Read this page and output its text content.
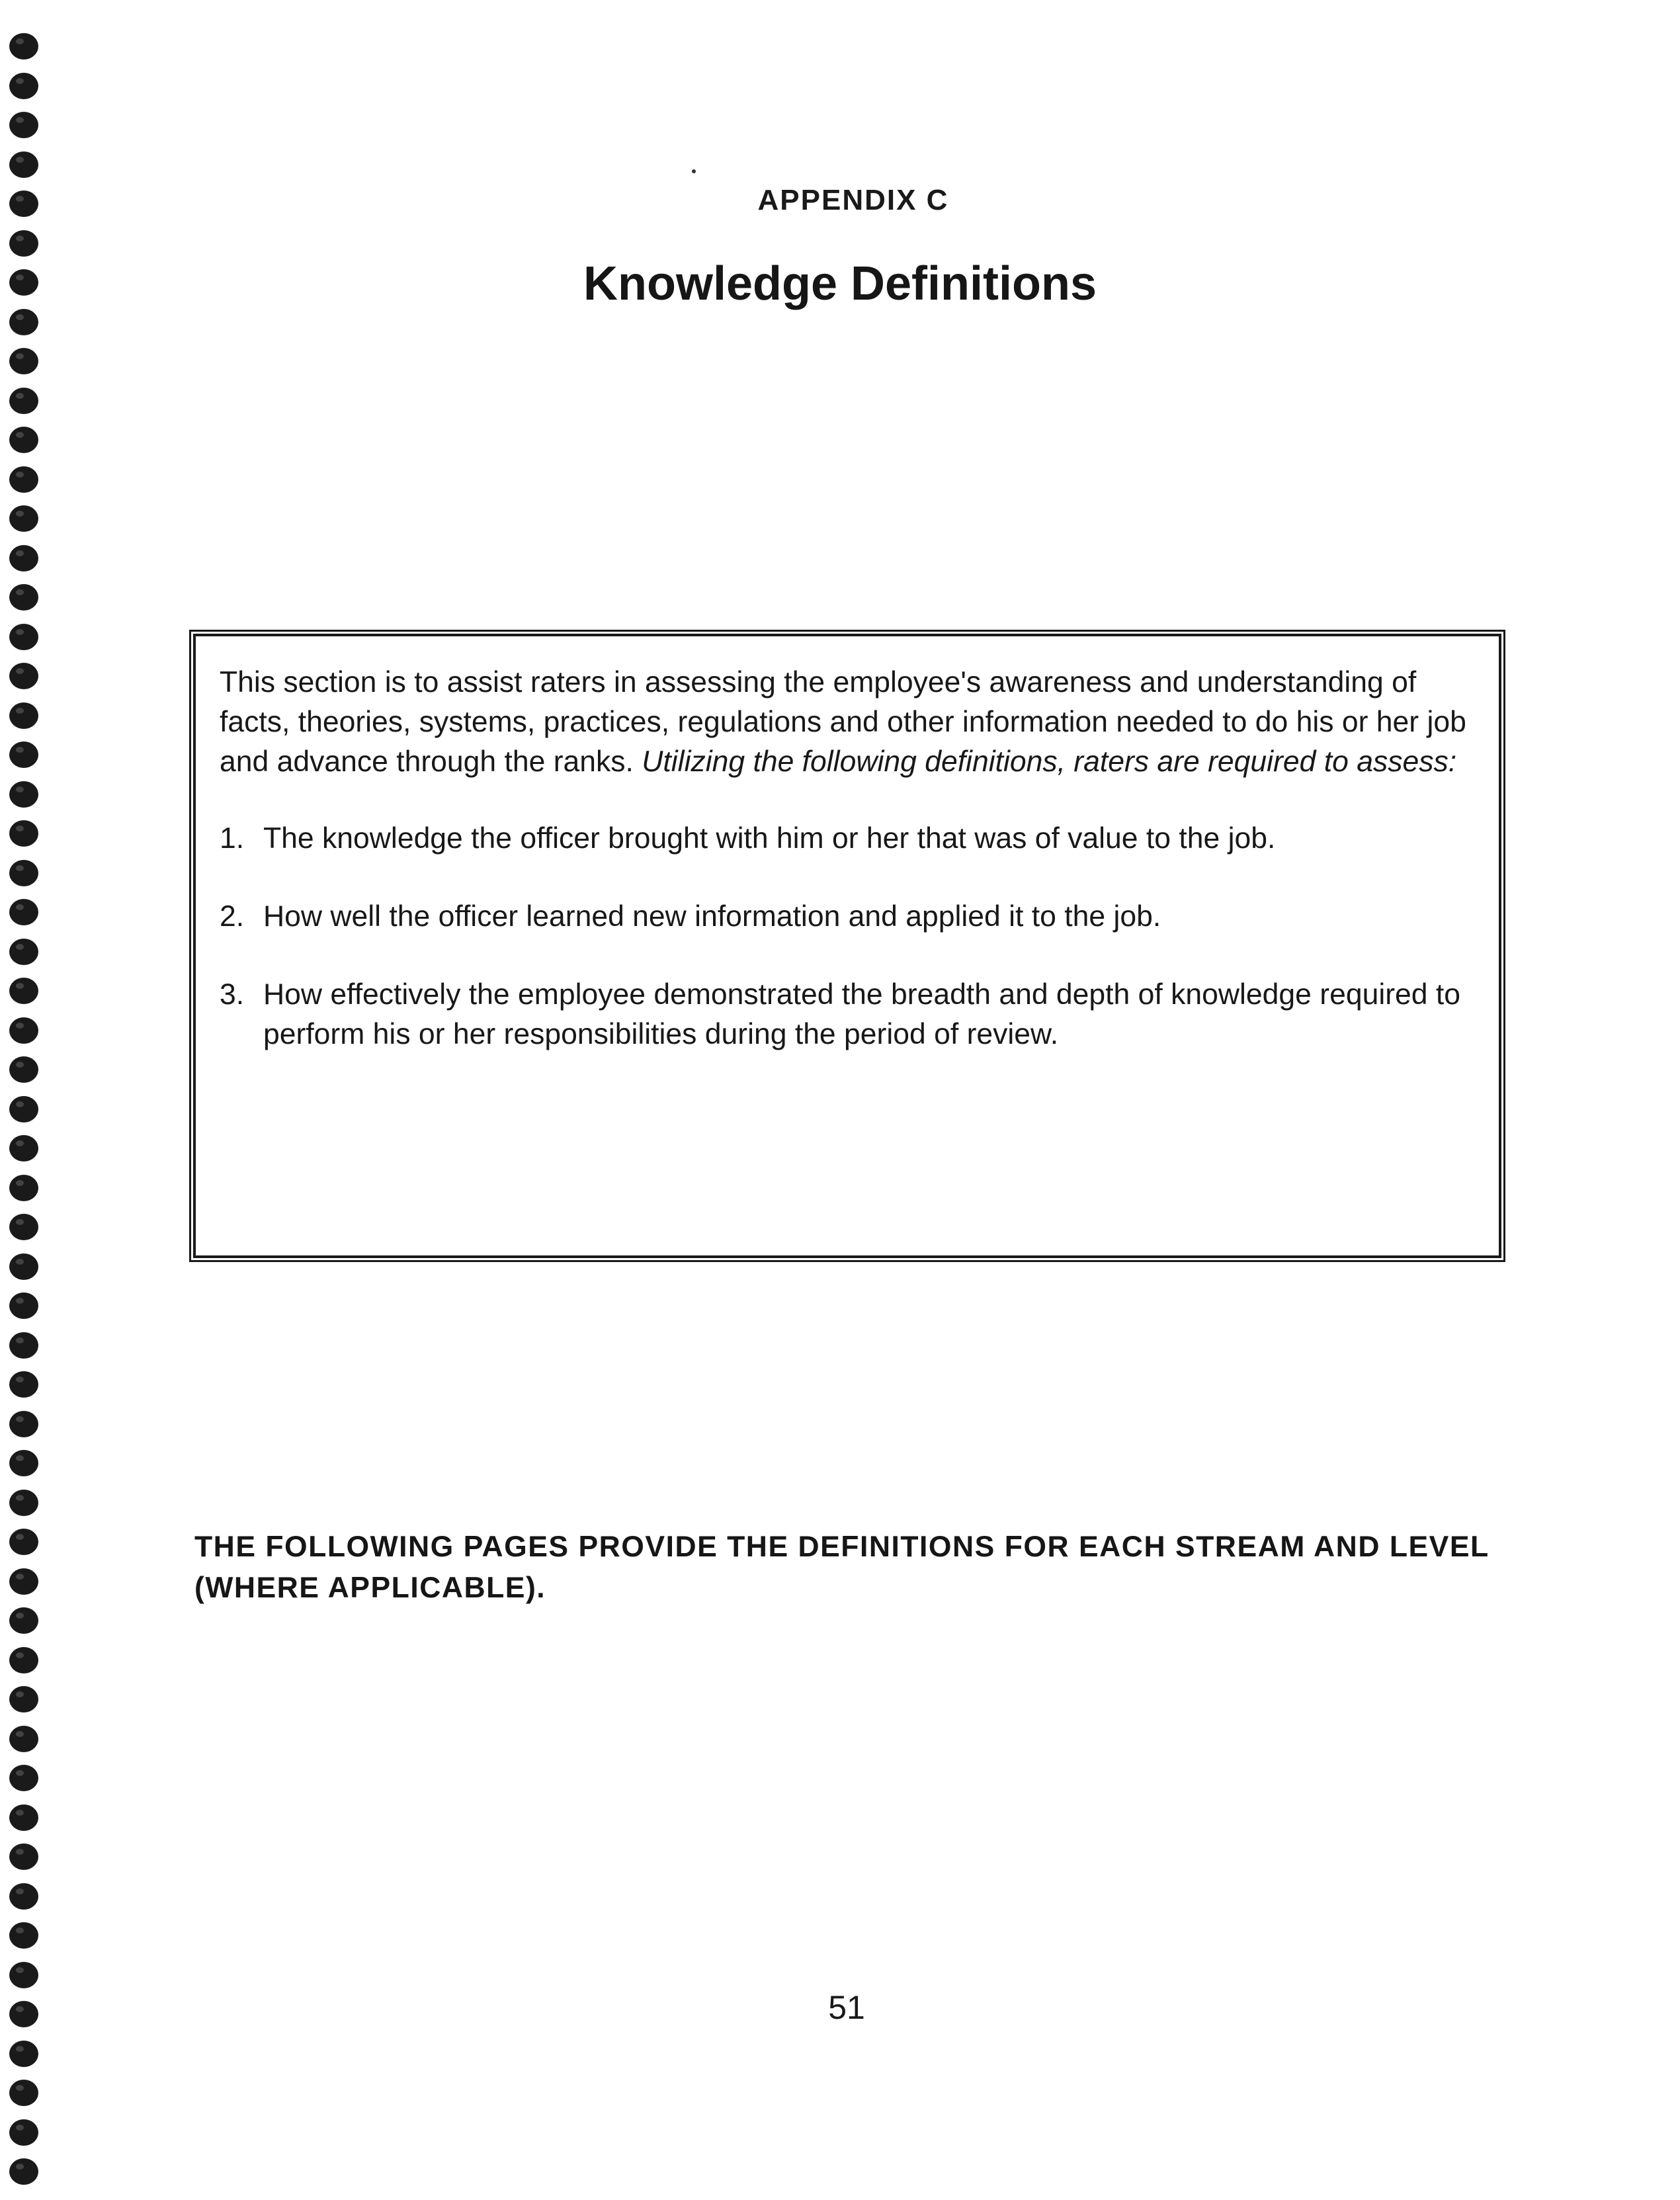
APPENDIX C
Knowledge Definitions

This section is to assist raters in assessing the employee's awareness and understanding of facts, theories, systems, practices, regulations and other information needed to do his or her job and advance through the ranks. Utilizing the following definitions, raters are required to assess:

1. The knowledge the officer brought with him or her that was of value to the job.
2. How well the officer learned new information and applied it to the job.
3. How effectively the employee demonstrated the breadth and depth of knowledge required to perform his or her responsibilities during the period of review.
THE FOLLOWING PAGES PROVIDE THE DEFINITIONS FOR EACH STREAM AND LEVEL (WHERE APPLICABLE).
51
